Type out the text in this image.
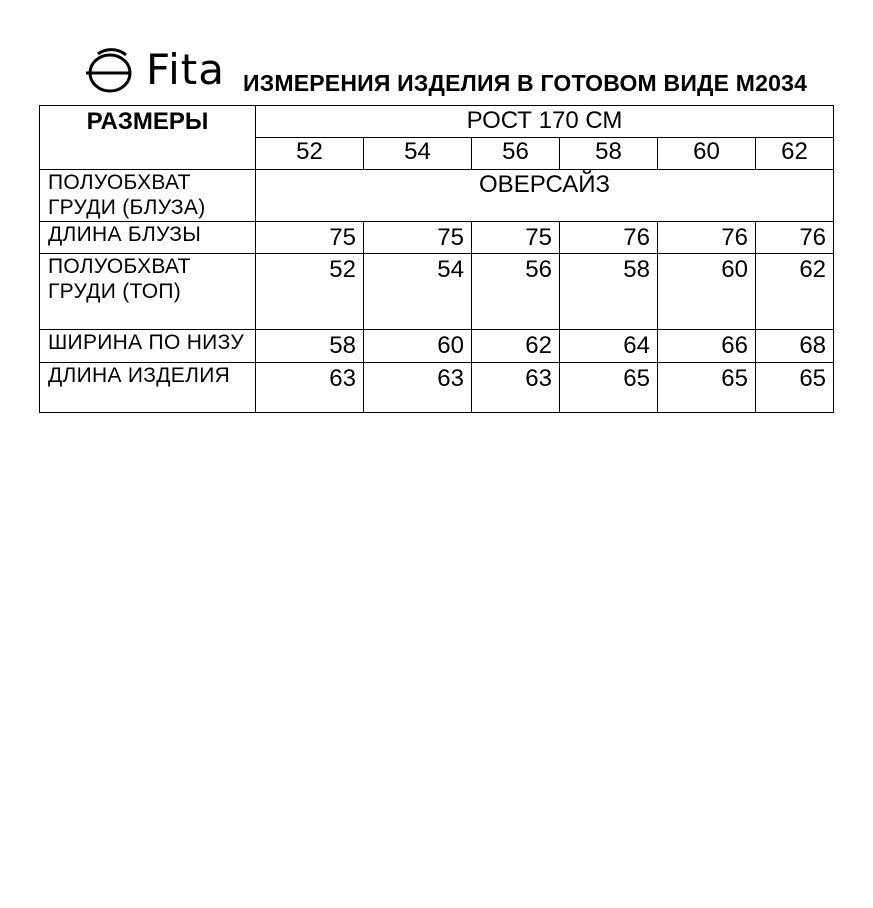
Fita ИЗМЕРЕНИЯ ИЗДЕЛИЯ В ГОТОВОМ ВИДЕ М2034
РАЗМЕРЫ	РОСТ 170 СМ					
	52	54	56	58	60	62
ПОЛУОБХВАТ ГРУДИ (БЛУЗА)	ОВЕРСАЙЗ					
ДЛИНА БЛУЗЫ	75	75	75	76	76	76
ПОЛУОБХВАТ ГРУДИ (ТОП)	52	54	56	58	60	62
ШИРИНА ПО НИЗУ	58	60	62	64	66	68
ДЛИНА ИЗДЕЛИЯ	63	63	63	65	65	65
